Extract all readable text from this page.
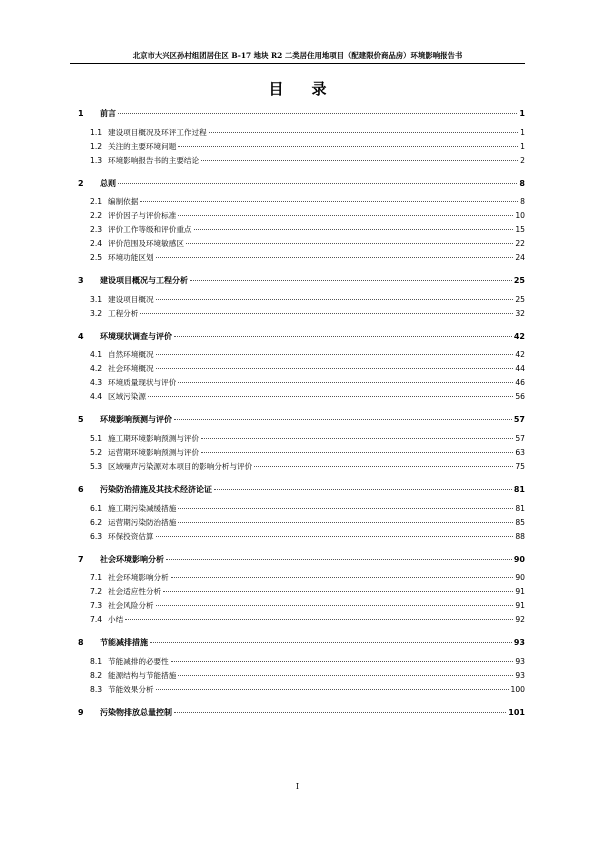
北京市大兴区孙村组团居住区 B-17 地块 R2 二类居住用地项目（配建限价商品房）环境影响报告书
目录
1	前言	1
1.1 建设项目概况及环评工作过程	1
1.2 关注的主要环境问题	1
1.3 环境影响报告书的主要结论	2
2	总则	8
2.1 编制依据	8
2.2 评价因子与评价标准	10
2.3 评价工作等级和评价重点	15
2.4 评价范围及环境敏感区	22
2.5 环境功能区划	24
3	建设项目概况与工程分析	25
3.1 建设项目概况	25
3.2 工程分析	32
4	环境现状调查与评价	42
4.1 自然环境概况	42
4.2 社会环境概况	44
4.3 环境质量现状与评价	46
4.4 区域污染源	56
5	环境影响预测与评价	57
5.1 施工期环境影响预测与评价	57
5.2 运营期环境影响预测与评价	63
5.3 区域噪声污染源对本项目的影响分析与评价	75
6	污染防治措施及其技术经济论证	81
6.1 施工期污染减缓措施	81
6.2 运营期污染防治措施	85
6.3 环保投资估算	88
7	社会环境影响分析	90
7.1 社会环境影响分析	90
7.2 社会适应性分析	91
7.3 社会风险分析	91
7.4 小结	92
8	节能减排措施	93
8.1 节能减排的必要性	93
8.2 能源结构与节能措施	93
8.3 节能效果分析	100
9	污染物排放总量控制	101
I
